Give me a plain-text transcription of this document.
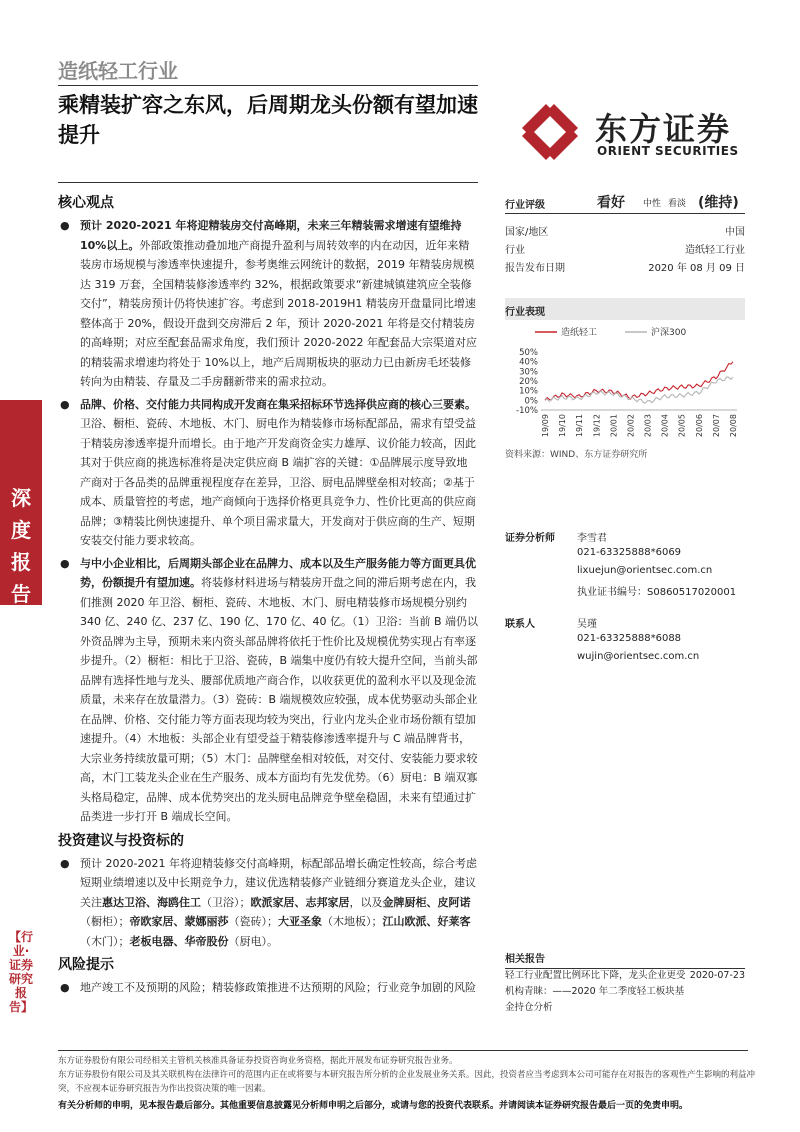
造纸轻工行业
乘精装扩容之东风，后周期龙头份额有望加速提升	东方证券
ORIENT SECURITIES
深
度
报
告
【行业·证券研究报告】
核心观点
● 预计 2020-2021 年将迎精装房交付高峰期，未来三年精装需求增速有望维持 10%以上。外部政策推动叠加地产商提升盈利与周转效率的内在动因，近年来精装房市场规模与渗透率快速提升，参考奥维云网统计的数据，2019 年精装房规模达 319 万套，全国精装修渗透率约 32%，根据政策要求“新建城镇建筑应全装修交付”，精装房预计仍将快速扩容。考虑到 2018-2019H1 精装房开盘量同比增速整体高于 20%，假设开盘到交房滞后 2 年，预计 2020-2021 年将是交付精装房的高峰期；对应至配套品需求角度，我们预计 2020-2022 年配套品大宗渠道对应的精装需求增速均将处于 10%以上，地产后周期板块的驱动力已由新房毛坯装修转向为由精装、存量及二手房翻新带来的需求拉动。
● 品牌、价格、交付能力共同构成开发商在集采招标环节选择供应商的核心三要素。卫浴、橱柜、瓷砖、木地板、木门、厨电作为精装修市场标配部品，需求有望受益于精装房渗透率提升而增长。由于地产开发商资金实力雄厚、议价能力较高，因此其对于供应商的挑选标准将是决定供应商 B 端扩容的关键：①品牌展示度导致地产商对于各品类的品牌重视程度存在差异，卫浴、厨电品牌壁垒相对较高；②基于成本、质量管控的考虑，地产商倾向于选择价格更具竞争力、性价比更高的供应商品牌；③精装比例快速提升、单个项目需求量大，开发商对于供应商的生产、短期安装交付能力要求较高。
● 与中小企业相比，后周期头部企业在品牌力、成本以及生产服务能力等方面更具优势，份额提升有望加速。将装修材料进场与精装房开盘之间的滞后期考虑在内，我们推测 2020 年卫浴、橱柜、瓷砖、木地板、木门、厨电精装修市场规模分别约 340 亿、240 亿、237 亿、190 亿、170 亿、40 亿。（1）卫浴：当前 B 端仍以外资品牌为主导，预期未来内资头部品牌将依托于性价比及规模优势实现占有率逐步提升。（2）橱柜：相比于卫浴、瓷砖，B 端集中度仍有较大提升空间，当前头部品牌有选择性地与龙头、腰部优质地产商合作，以收获更优的盈利水平以及现金流质量，未来存在放量潜力。（3）瓷砖：B 端规模效应较强，成本优势驱动头部企业在品牌、价格、交付能力等方面表现均较为突出，行业内龙头企业市场份额有望加速提升。（4）木地板：头部企业有望受益于精装修渗透率提升与 C 端品牌背书，大宗业务持续放量可期；（5）木门：品牌壁垒相对较低，对交付、安装能力要求较高，木门工装龙头企业在生产服务、成本方面均有先发优势。（6）厨电：B 端双寡头格局稳定，品牌、成本优势突出的龙头厨电品牌竞争壁垒稳固，未来有望通过扩品类进一步打开 B 端成长空间。
投资建议与投资标的
● 预计 2020-2021 年将迎精装修交付高峰期，标配部品增长确定性较高，综合考虑短期业绩增速以及中长期竞争力，建议优选精装修产业链细分赛道龙头企业，建议关注惠达卫浴、海鸥住工（卫浴）；欧派家居、志邦家居，以及金牌厨柜、皮阿诺（橱柜）；帝欧家居、蒙娜丽莎（瓷砖）；大亚圣象（木地板）；江山欧派、好莱客（木门）；老板电器、华帝股份（厨电）。
风险提示
● 地产竣工不及预期的风险；精装修政策推进不达预期的风险；行业竞争加剧的风险
行业评级	看好 中性 看淡 (维持)
国家/地区	中国
行业	造纸轻工行业
报告发布日期	2020 年 08 月 09 日
行业表现
造纸轻工	沪深300
50%
40%
30%
20%
10%
0%
-10%
19/09 19/10 19/11 19/12 20/01 20/02 20/03 20/04 20/05 20/06 20/07 20/08
资料来源：WIND、东方证券研究所
证券分析师 李雪君
021-63325888*6069
lixuejun@orientsec.com.cn
执业证书编号：S0860517020001
联系人	吴瑾
021-63325888*6088
wujin@orientsec.com.cn
相关报告
轻工行业配置比例环比下降，龙头企业更受 2020-07-23
机构青睐：——2020 年二季度轻工板块基
金持仓分析
东方证券股份有限公司经相关主管机关核准具备证券投资咨询业务资格，据此开展发布证券研究报告业务。
东方证券股份有限公司及其关联机构在法律许可的范围内正在或将要与本研究报告所分析的企业发展业务关系。因此，投资者应当考虑到本公司可能存在对报告的客观性产生影响的利益冲突，不应视本证券研究报告为作出投资决策的唯一因素。
有关分析师的申明，见本报告最后部分。其他重要信息披露见分析师申明之后部分，或请与您的投资代表联系。并请阅读本证券研究报告最后一页的免责申明。
